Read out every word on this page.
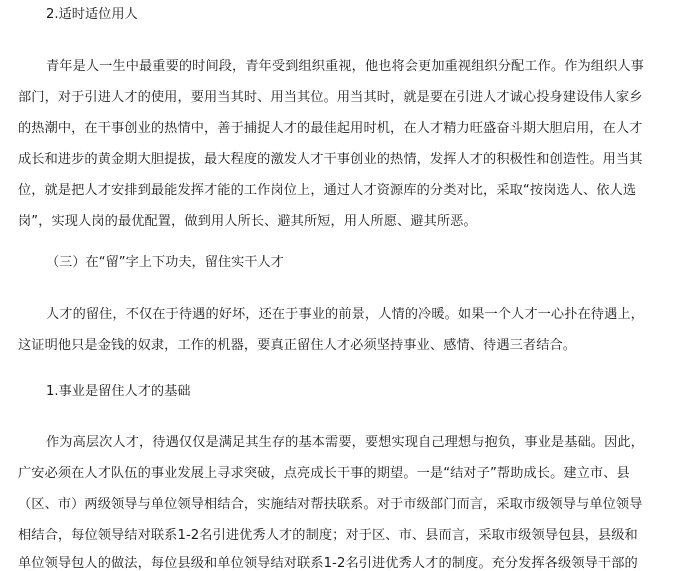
2.适时适位用人
青年是人一生中最重要的时间段，青年受到组织重视，他也将会更加重视组织分配工作。作为组织人事
部门，对于引进人才的使用，要用当其时、用当其位。用当其时，就是要在引进人才诚心投身建设伟人家乡
的热潮中，在干事创业的热情中，善于捕捉人才的最佳起用时机，在人才精力旺盛奋斗期大胆启用，在人才
成长和进步的黄金期大胆提拔，最大程度的激发人才干事创业的热情，发挥人才的积极性和创造性。用当其
位，就是把人才安排到最能发挥才能的工作岗位上，通过人才资源库的分类对比，采取“按岗选人、依人选
岗”，实现人岗的最优配置，做到用人所长、避其所短，用人所愿、避其所恶。
（三）在“留”字上下功夫，留住实干人才
人才的留住，不仅在于待遇的好坏，还在于事业的前景，人情的冷暖。如果一个人才一心扑在待遇上，
这证明他只是金钱的奴隶，工作的机器，要真正留住人才必须坚持事业、感情、待遇三者结合。
1.事业是留住人才的基础
作为高层次人才，待遇仅仅是满足其生存的基本需要，要想实现自己理想与抱负，事业是基础。因此，
广安必须在人才队伍的事业发展上寻求突破，点亮成长干事的期望。一是“结对子”帮助成长。建立市、县
（区、市）两级领导与单位领导相结合，实施结对帮扶联系。对于市级部门而言，采取市级领导与单位领导
相结合，每位领导结对联系1-2名引进优秀人才的制度；对于区、市、县而言，采取市级领导包县，县级和
单位领导包人的做法，每位县级和单位领导结对联系1-2名引进优秀人才的制度。充分发挥各级领导干部的
